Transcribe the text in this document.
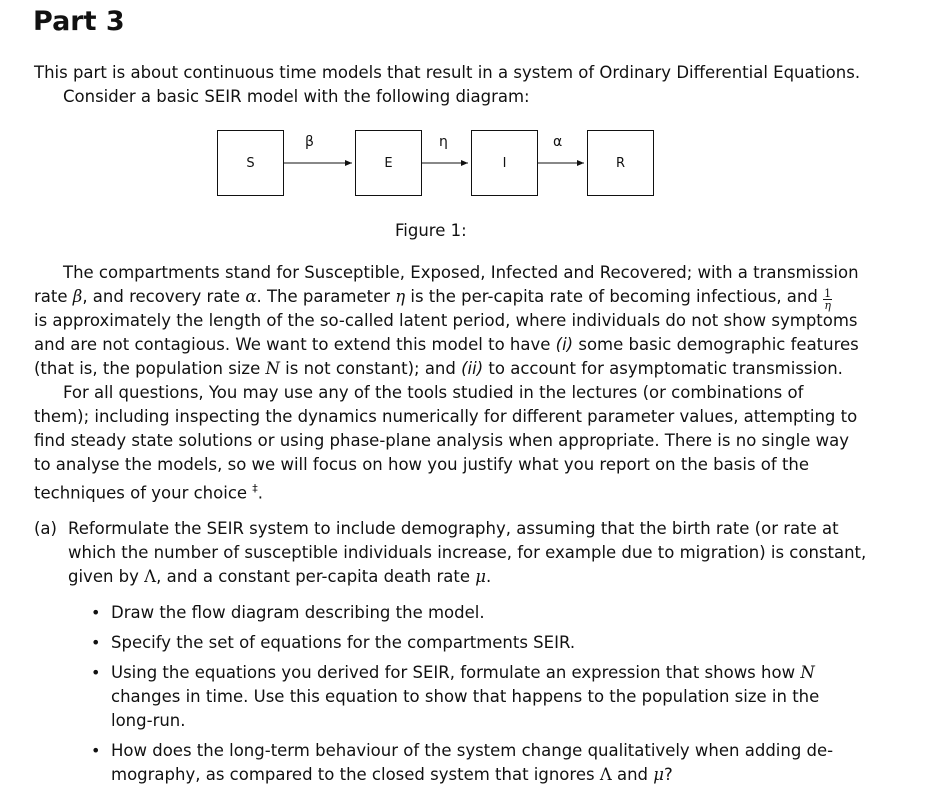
Part 3
This part is about continuous time models that result in a system of Ordinary Differential Equations.
Consider a basic SEIR model with the following diagram:
S	E	I	R
β	η	α
Figure 1:
The compartments stand for Susceptible, Exposed, Infected and Recovered; with a transmission
rate β, and recovery rate α. The parameter η is the per-capita rate of becoming infectious, and $\frac{1}{\eta}$
is approximately the length of the so-called latent period, where individuals do not show symptoms
and are not contagious. We want to extend this model to have (i) some basic demographic features
(that is, the population size N is not constant); and (ii) to account for asymptomatic transmission.
For all questions, You may use any of the tools studied in the lectures (or combinations of
them); including inspecting the dynamics numerically for different parameter values, attempting to
find steady state solutions or using phase-plane analysis when appropriate. There is no single way
to analyse the models, so we will focus on how you justify what you report on the basis of the
techniques of your choice ‡.
(a) Reformulate the SEIR system to include demography, assuming that the birth rate (or rate at
which the number of susceptible individuals increase, for example due to migration) is constant,
given by Λ, and a constant per-capita death rate μ.
• Draw the flow diagram describing the model.
• Specify the set of equations for the compartments SEIR.
• Using the equations you derived for SEIR, formulate an expression that shows how N
changes in time. Use this equation to show that happens to the population size in the
long-run.
• How does the long-term behaviour of the system change qualitatively when adding de-
mography, as compared to the closed system that ignores Λ and μ?
